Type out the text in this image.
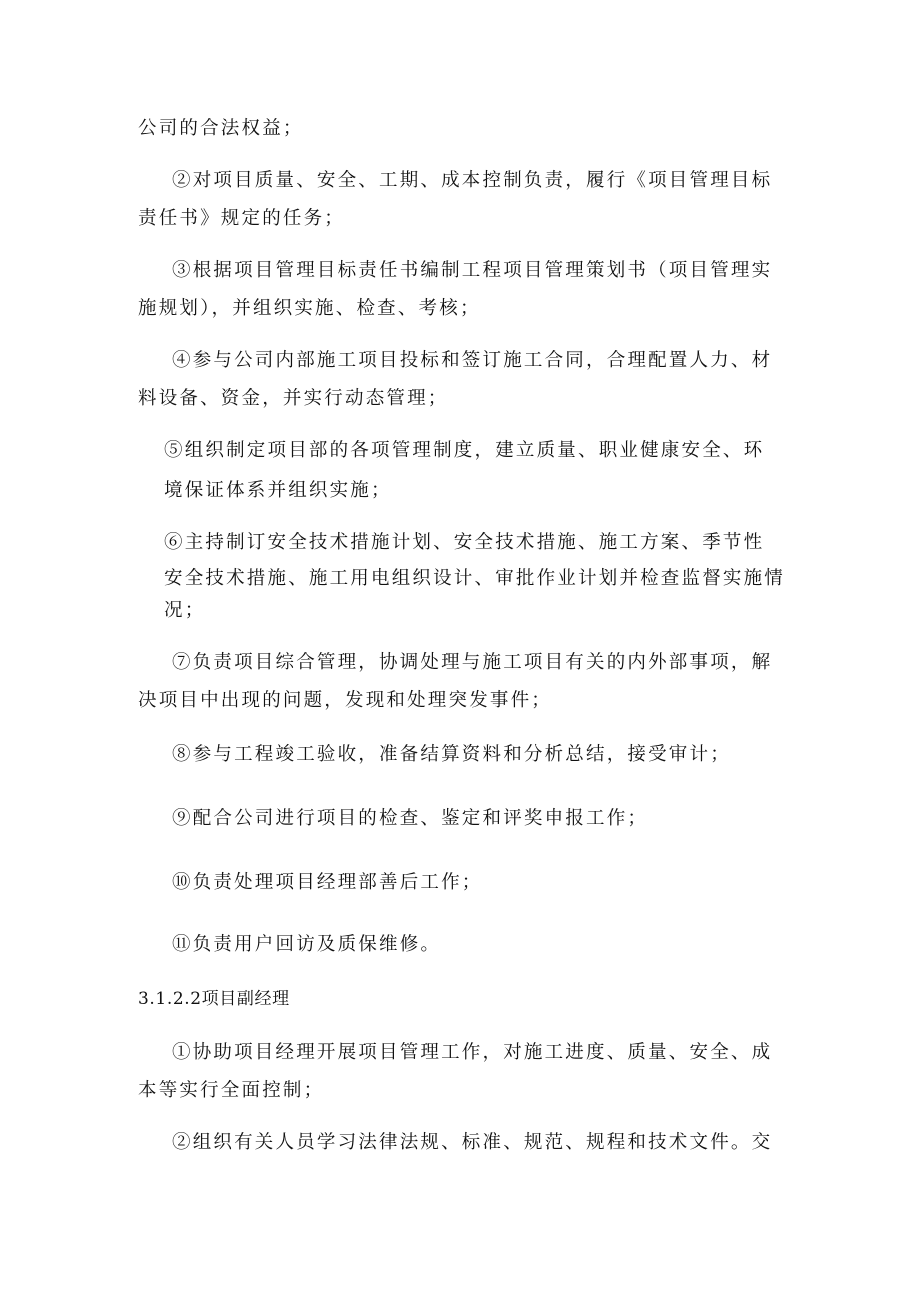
公司的合法权益；
②对项目质量、安全、工期、成本控制负责，履行《项目管理目标
责任书》规定的任务；
③根据项目管理目标责任书编制工程项目管理策划书（项目管理实
施规划），并组织实施、检查、考核；
④参与公司内部施工项目投标和签订施工合同，合理配置人力、材
料设备、资金，并实行动态管理；
⑤组织制定项目部的各项管理制度，建立质量、职业健康安全、环
境保证体系并组织实施；
⑥主持制订安全技术措施计划、安全技术措施、施工方案、季节性
安全技术措施、施工用电组织设计、审批作业计划并检查监督实施情
况；
⑦负责项目综合管理，协调处理与施工项目有关的内外部事项，解
决项目中出现的问题，发现和处理突发事件；
⑧参与工程竣工验收，准备结算资料和分析总结，接受审计；
⑨配合公司进行项目的检查、鉴定和评奖申报工作；
⑩负责处理项目经理部善后工作；
⑪负责用户回访及质保维修。
3.1.2.2项目副经理
①协助项目经理开展项目管理工作，对施工进度、质量、安全、成
本等实行全面控制；
②组织有关人员学习法律法规、标准、规范、规程和技术文件。交
